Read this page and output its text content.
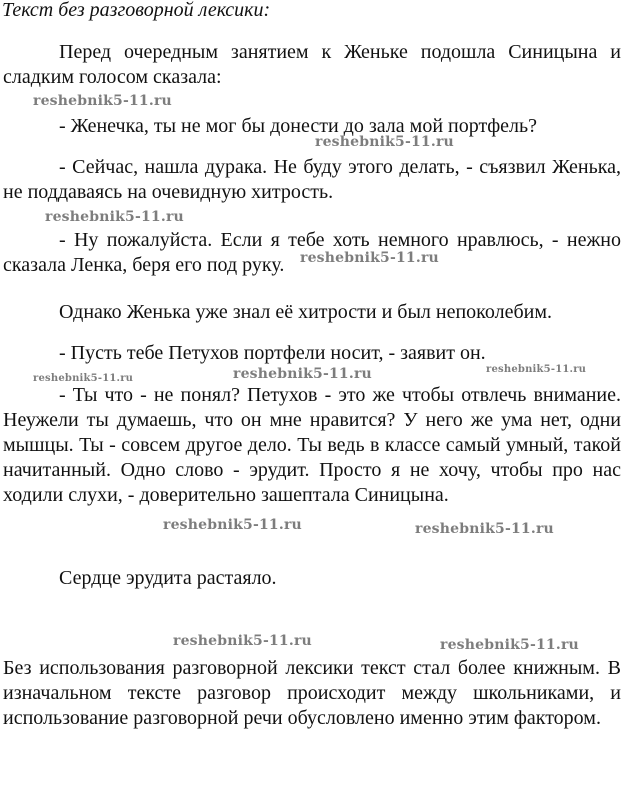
Текст без разговорной лексики:

Перед очередным занятием к Женьке подошла Синицына и сладким голосом сказала:

- Женечка, ты не мог бы донести до зала мой портфель?

- Сейчас, нашла дурака. Не буду этого делать, - съязвил Женька, не поддаваясь на очевидную хитрость.

- Ну пожалуйста. Если я тебе хоть немного нравлюсь, - нежно сказала Ленка, беря его под руку.

Однако Женька уже знал её хитрости и был непоколебим.

- Пусть тебе Петухов портфели носит, - заявит он.

- Ты что - не понял? Петухов - это же чтобы отвлечь внимание. Неужели ты думаешь, что он мне нравится? У него же ума нет, одни мышцы. Ты - совсем другое дело. Ты ведь в классе самый умный, такой начитанный. Одно слово - эрудит. Просто я не хочу, чтобы про нас ходили слухи, - доверительно зашептала Синицына.

Сердце эрудита растаяло.

Без использования разговорной лексики текст стал более книжным. В изначальном тексте разговор происходит между школьниками, и использование разговорной речи обусловлено именно этим фактором.

reshebnik5-11.ru
reshebnik5-11.ru
reshebnik5-11.ru
reshebnik5-11.ru
reshebnik5-11.ru	reshebnik5-11.ru	reshebnik5-11.ru
reshebnik5-11.ru	reshebnik5-11.ru
reshebnik5-11.ru	reshebnik5-11.ru
